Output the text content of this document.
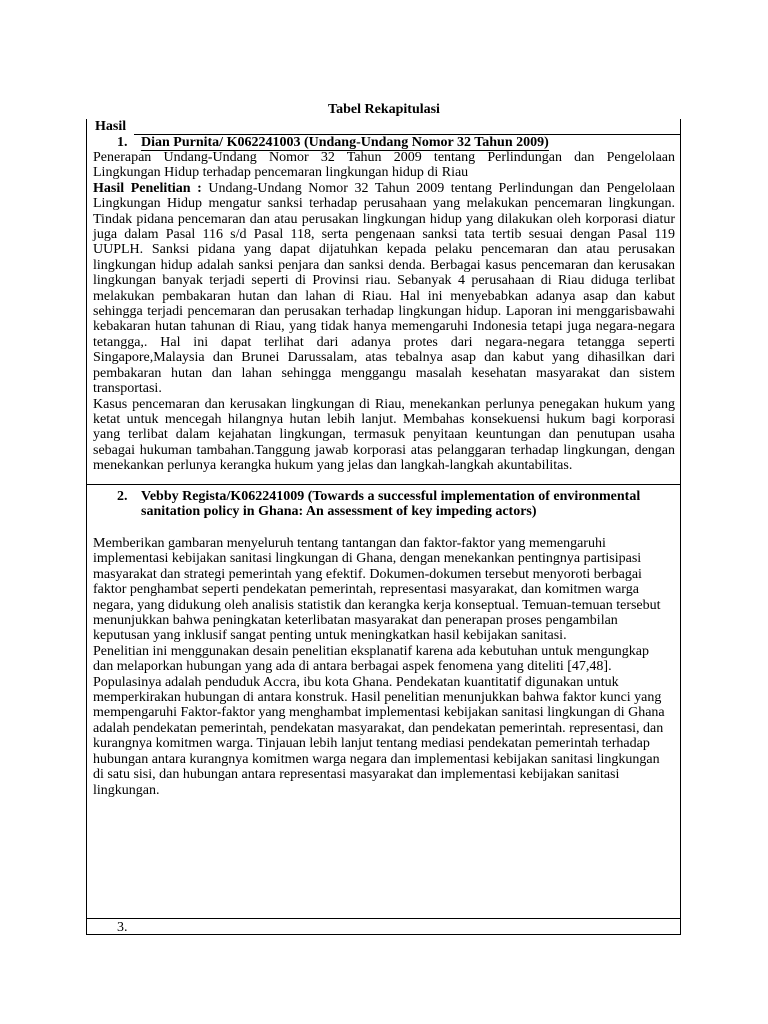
Tabel Rekapitulasi
Hasil
1. Dian Purnita/ K062241003 (Undang-Undang Nomor 32 Tahun 2009)
Penerapan Undang-Undang Nomor 32 Tahun 2009 tentang Perlindungan dan Pengelolaan
Lingkungan Hidup terhadap pencemaran lingkungan hidup di Riau
Hasil Penelitian : Undang-Undang Nomor 32 Tahun 2009 tentang Perlindungan dan Pengelolaan
Lingkungan Hidup mengatur sanksi terhadap perusahaan yang melakukan pencemaran lingkungan.
Tindak pidana pencemaran dan atau perusakan lingkungan hidup yang dilakukan oleh korporasi diatur
juga dalam Pasal 116 s/d Pasal 118, serta pengenaan sanksi tata tertib sesuai dengan Pasal 119
UUPLH. Sanksi pidana yang dapat dijatuhkan kepada pelaku pencemaran dan atau perusakan
lingkungan hidup adalah sanksi penjara dan sanksi denda. Berbagai kasus pencemaran dan kerusakan
lingkungan banyak terjadi seperti di Provinsi riau. Sebanyak 4 perusahaan di Riau diduga terlibat
melakukan pembakaran hutan dan lahan di Riau. Hal ini menyebabkan adanya asap dan kabut
sehingga terjadi pencemaran dan perusakan terhadap lingkungan hidup. Laporan ini menggarisbawahi
kebakaran hutan tahunan di Riau, yang tidak hanya memengaruhi Indonesia tetapi juga negara-negara
tetangga,. Hal ini dapat terlihat dari adanya protes dari negara-negara tetangga seperti
Singapore,Malaysia dan Brunei Darussalam, atas tebalnya asap dan kabut yang dihasilkan dari
pembakaran hutan dan lahan sehingga menggangu masalah kesehatan masyarakat dan sistem
transportasi.
Kasus pencemaran dan kerusakan lingkungan di Riau, menekankan perlunya penegakan hukum yang
ketat untuk mencegah hilangnya hutan lebih lanjut. Membahas konsekuensi hukum bagi korporasi
yang terlibat dalam kejahatan lingkungan, termasuk penyitaan keuntungan dan penutupan usaha
sebagai hukuman tambahan.Tanggung jawab korporasi atas pelanggaran terhadap lingkungan, dengan
menekankan perlunya kerangka hukum yang jelas dan langkah-langkah akuntabilitas.
2. Vebby Regista/K062241009 (Towards a successful implementation of environmental
sanitation policy in Ghana: An assessment of key impeding actors)
Memberikan gambaran menyeluruh tentang tantangan dan faktor-faktor yang memengaruhi
implementasi kebijakan sanitasi lingkungan di Ghana, dengan menekankan pentingnya partisipasi
masyarakat dan strategi pemerintah yang efektif. Dokumen-dokumen tersebut menyoroti berbagai
faktor penghambat seperti pendekatan pemerintah, representasi masyarakat, dan komitmen warga
negara, yang didukung oleh analisis statistik dan kerangka kerja konseptual. Temuan-temuan tersebut
menunjukkan bahwa peningkatan keterlibatan masyarakat dan penerapan proses pengambilan
keputusan yang inklusif sangat penting untuk meningkatkan hasil kebijakan sanitasi.
Penelitian ini menggunakan desain penelitian eksplanatif karena ada kebutuhan untuk mengungkap
dan melaporkan hubungan yang ada di antara berbagai aspek fenomena yang diteliti [47,48].
Populasinya adalah penduduk Accra, ibu kota Ghana. Pendekatan kuantitatif digunakan untuk
memperkirakan hubungan di antara konstruk. Hasil penelitian menunjukkan bahwa faktor kunci yang
mempengaruhi Faktor-faktor yang menghambat implementasi kebijakan sanitasi lingkungan di Ghana
adalah pendekatan pemerintah, pendekatan masyarakat, dan pendekatan pemerintah. representasi, dan
kurangnya komitmen warga. Tinjauan lebih lanjut tentang mediasi pendekatan pemerintah terhadap
hubungan antara kurangnya komitmen warga negara dan implementasi kebijakan sanitasi lingkungan
di satu sisi, dan hubungan antara representasi masyarakat dan implementasi kebijakan sanitasi
lingkungan.
3.
